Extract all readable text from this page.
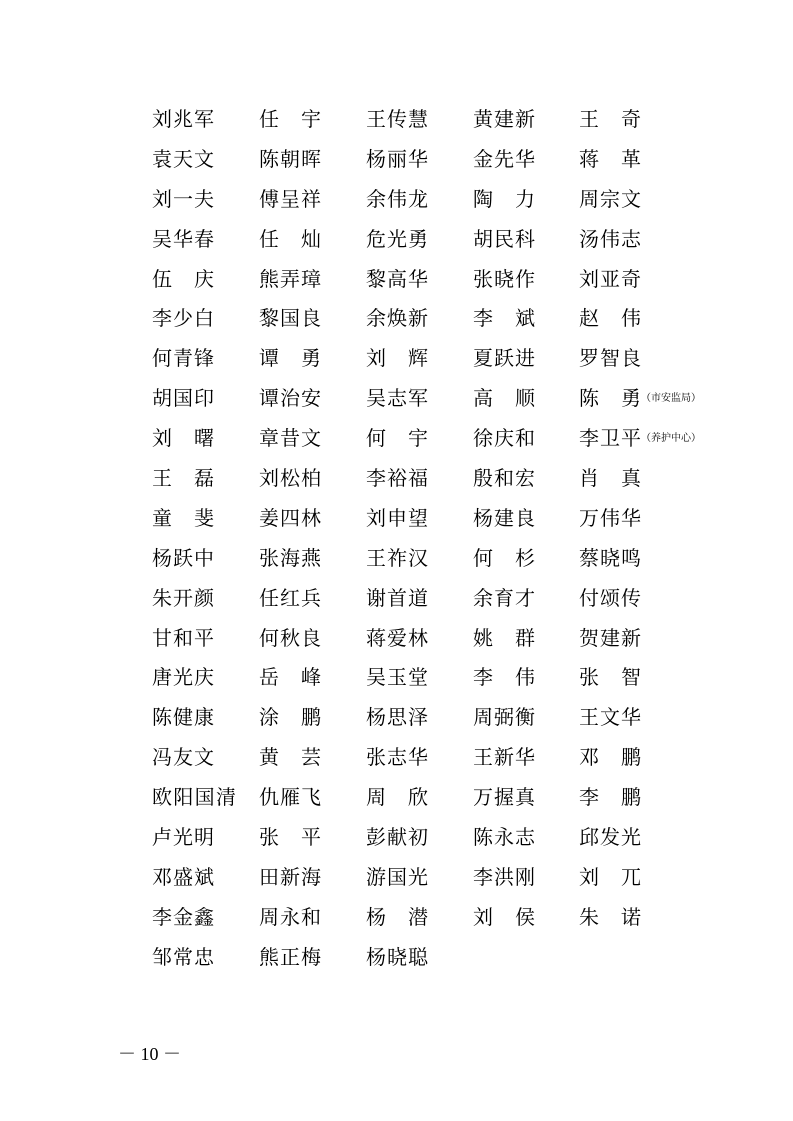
刘 兆 军 任 宇 王 传 慧 黄 建 新 王 奇
袁 天 文 陈 朝 晖 杨 丽 华 金 先 华 蒋 革
刘 一 夫 傅 呈 祥 余 伟 龙 陶 力 周 宗 文
吴 华 春 任 灿 危 光 勇 胡 民 科 汤 伟 志
伍 庆 熊 弄 璋 黎 高 华 张 晓 作 刘 亚 奇
李 少 白 黎 国 良 余 焕 新 李 斌 赵 伟
何 青 锋 谭 勇 刘 辉 夏 跃 进 罗 智 良
胡 国 印 谭 治 安 吴 志 军 高 顺 陈 勇 （市安监局）
刘 曙 章 昔 文 何 宇 徐 庆 和 李 卫 平 （养护中心）
王 磊 刘 松 柏 李 裕 福 殷 和 宏 肖 真
童 斐 姜 四 林 刘 申 望 杨 建 良 万 伟 华
杨 跃 中 张 海 燕 王 祚 汉 何 杉 蔡 晓 鸣
朱 开 颜 任 红 兵 谢 首 道 余 育 才 付 颂 传
甘 和 平 何 秋 良 蒋 爱 林 姚 群 贺 建 新
唐 光 庆 岳 峰 吴 玉 堂 李 伟 张 智
陈 健 康 涂 鹏 杨 思 泽 周 弼 衡 王 文 华
冯 友 文 黄 芸 张 志 华 王 新 华 邓 鹏
欧 阳 国 清 仇 雁 飞 周 欣 万 握 真 李 鹏
卢 光 明 张 平 彭 献 初 陈 永 志 邱 发 光
邓 盛 斌 田 新 海 游 国 光 李 洪 刚 刘 兀
李 金 鑫 周 永 和 杨 潜 刘 侯 朱 诺
邹 常 忠 熊 正 梅 杨 晓 聪
－ 10 －
